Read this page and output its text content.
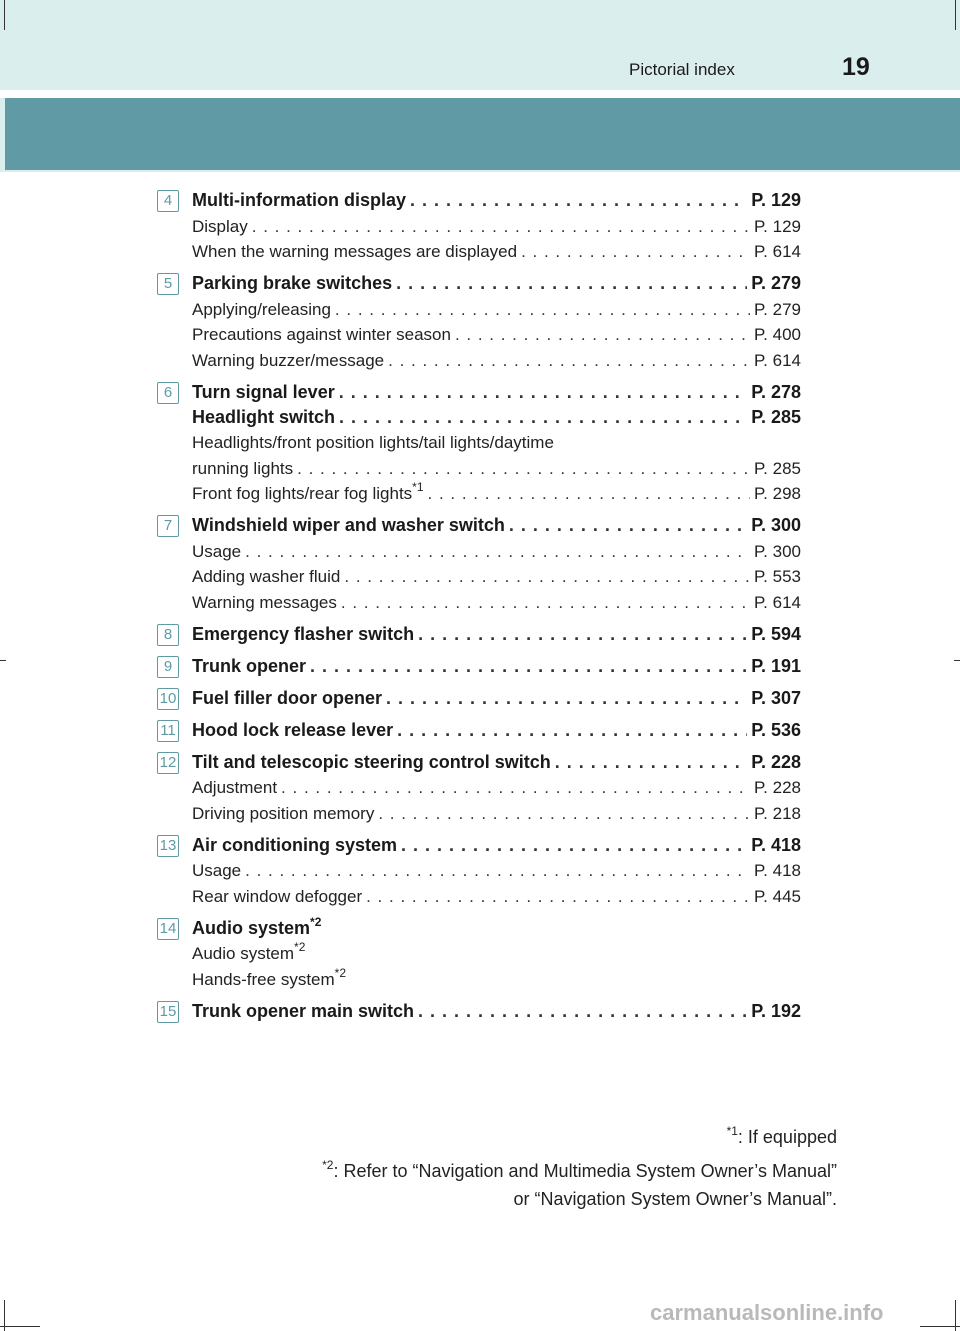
Pictorial index	19
4	Multi-information display . . .	P. 129
Display . . .	P. 129
When the warning messages are displayed . . .	P. 614
5	Parking brake switches . . .	P. 279
Applying/releasing . . .	P. 279
Precautions against winter season . . .	P. 400
Warning buzzer/message . . .	P. 614
6	Turn signal lever . . .	P. 278
Headlight switch . . .	P. 285
Headlights/front position lights/tail lights/daytime
running lights . . .	P. 285
Front fog lights/rear fog lights$^{*1}$ . . .	P. 298
7	Windshield wiper and washer switch . . .	P. 300
Usage . . .	P. 300
Adding washer fluid . . .	P. 553
Warning messages . . .	P. 614
8	Emergency flasher switch . . .	P. 594
9	Trunk opener . . .	P. 191
10 Fuel filler door opener . . .	P. 307
11 Hood lock release lever . . .	P. 536
12 Tilt and telescopic steering control switch . . .	P. 228
Adjustment . . .	P. 228
Driving position memory . . .	P. 218
13 Air conditioning system . . .	P. 418
Usage . . .	P. 418
Rear window defogger . . .	P. 445
14 Audio system$^{*2}$
Audio system$^{*2}$
Hands-free system$^{*2}$
15 Trunk opener main switch . . .	P. 192
$^{*1}$: If equipped
$^{*2}$: Refer to “Navigation and Multimedia System Owner’s Manual”
or “Navigation System Owner’s Manual”.
carmanualsonline.info
